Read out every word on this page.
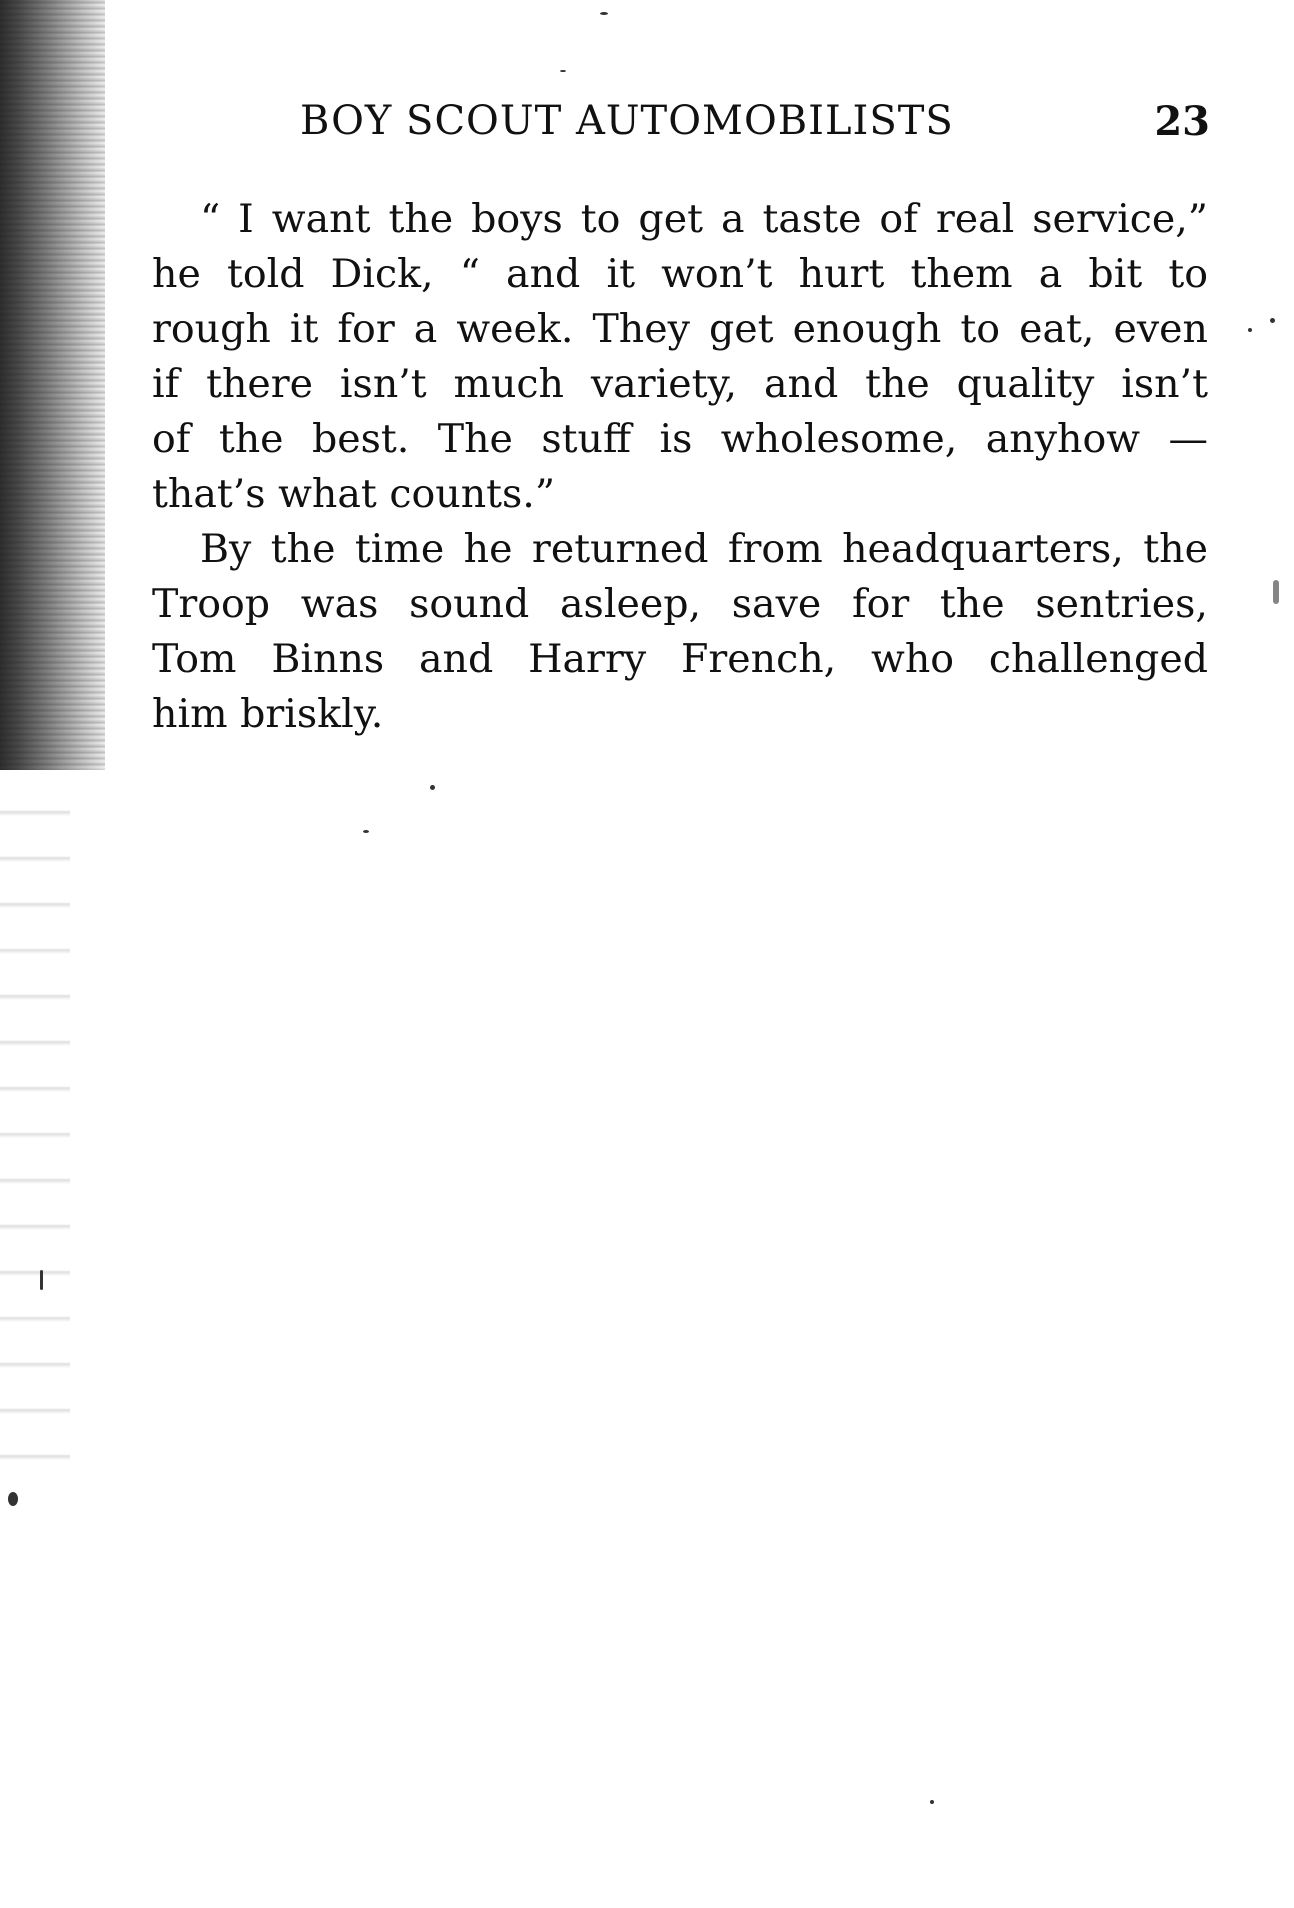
BOY SCOUT AUTOMOBILISTS	23
“ I want the boys to get a taste of real service,”
he told Dick, “ and it won’t hurt them a bit to
rough it for a week. They get enough to eat, even
if there isn’t much variety, and the quality isn’t
of the best. The stuff is wholesome, anyhow —
that’s what counts.”
By the time he returned from headquarters, the
Troop was sound asleep, save for the sentries,
Tom Binns and Harry French, who challenged
him briskly.
